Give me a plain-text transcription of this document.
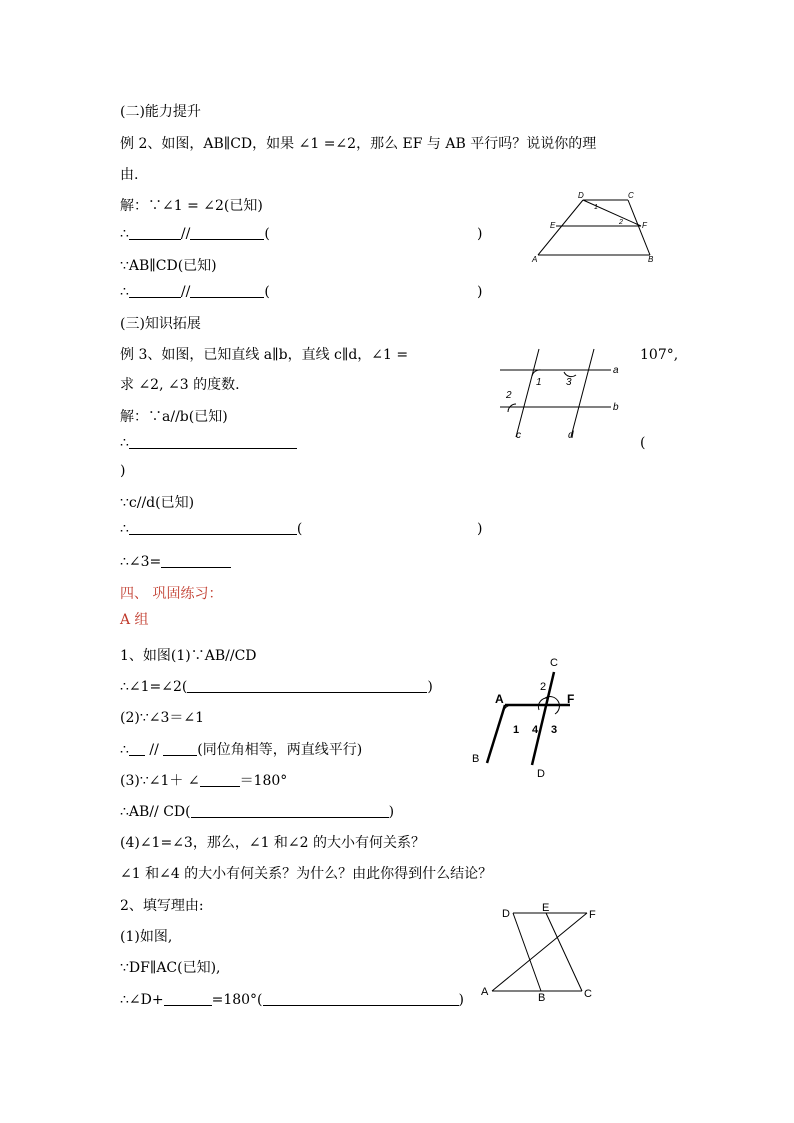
(二)能力提升
例 2、如图，AB∥CD，如果 ∠1 =∠2，那么 EF 与 AB 平行吗？说说你的理
由.
解：∵∠1 = ∠2(已知)
∴	//	(	)
∵AB∥CD(已知)
∴	//	(	)
D	C
E	F
A	B
1
2
(三)知识拓展
例 3、如图，已知直线 a∥b，直线 c∥d，∠1 =	107°,
求 ∠2, ∠3 的度数.
解：∵a//b(已知)
∴	(
)
∵c//d(已知)
∴	(	)
∴∠3=
1 3
a
2
b
c	d
四、 巩固练习：
A 组
1、如图(1)∵AB//CD
∴∠1=∠2(	)
(2)∵∠3＝∠1
∴ // (同位角相等，两直线平行)
(3)∵∠1＋ ∠	＝180°
∴AB// CD(	)
(4)∠1=∠3，那么，∠1 和∠2 的大小有何关系？
∠1 和∠4 的大小有何关系？为什么？由此你得到什么结论？
2、填写理由:
(1)如图,
∵DF∥AC(已知),
∴∠D+	=180°(	)
C
2
A	F
1 4 3
B
D
D	E
F
A	B	C
